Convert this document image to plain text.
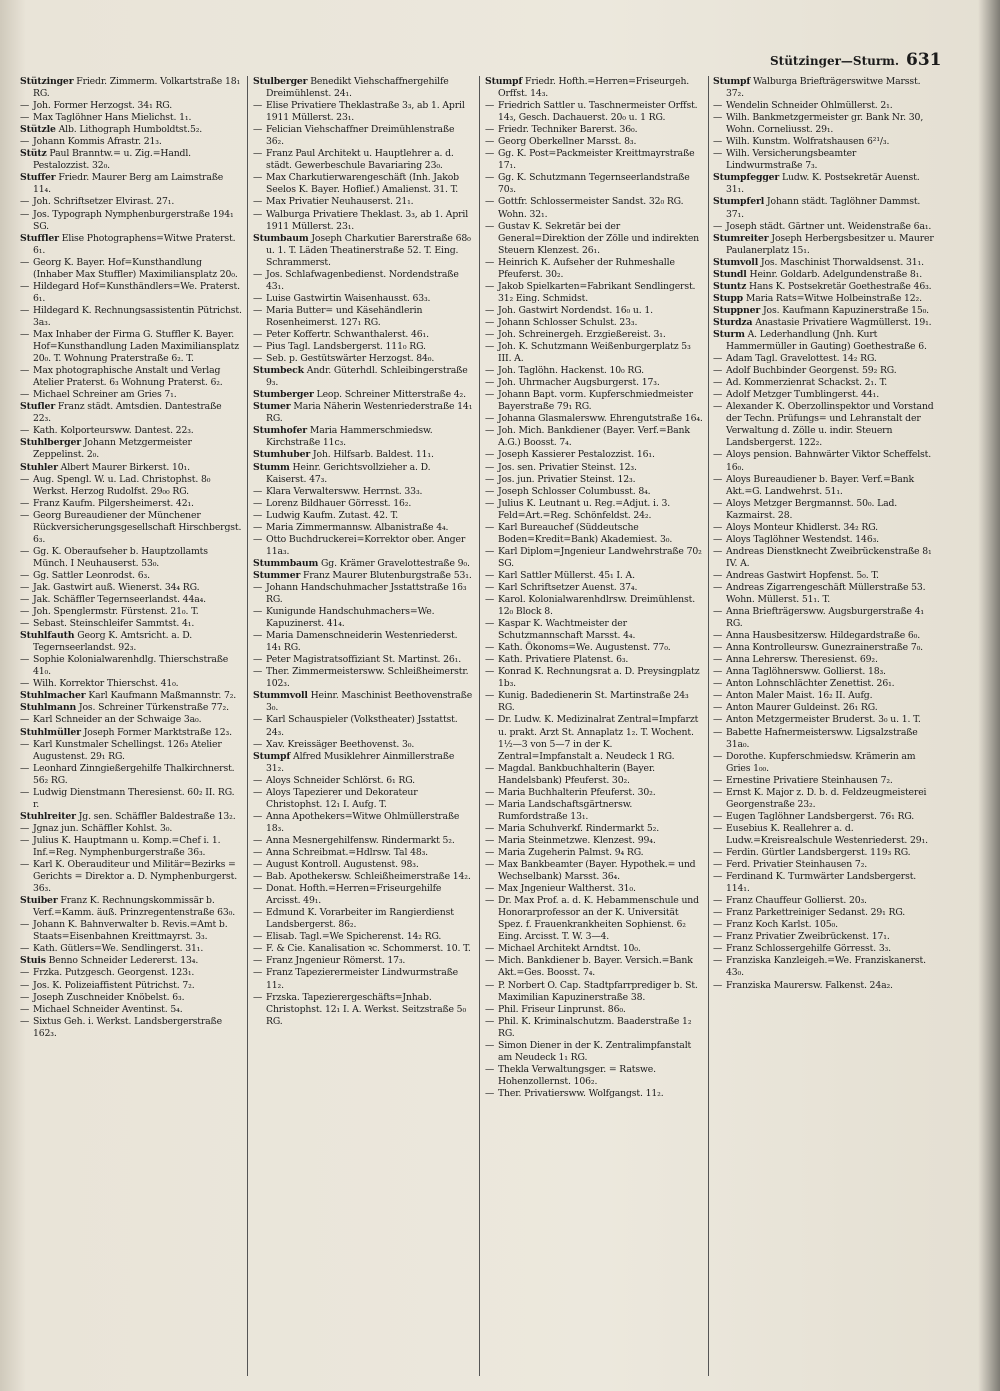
Stützinger—Sturm. 631

Stützinger Friedr. Zimmerm. Volkartstraße 18₁ RG.

— Joh. Former Herzogst. 34₁ RG.

— Max Taglöhner Hans Mielichst. 1₁.

Stützle Alb. Lithograph Humboldtst.5₂.

— Johann Kommis Afrastr. 21₃.

Stütz Paul Branntw.= u. Zig.=Handl. Pestalozzist. 32₀.

Stuffer Friedr. Maurer Berg am Laimstraße 11₄.

— Joh. Schriftsetzer Elvirast. 27₁.

— Jos. Typograph Nymphenburgerstraße 194₁ SG.

Stuffler Elise Photographens=Witwe Praterst. 6₁.

— Georg K. Bayer. Hof=Kunsthandlung (Inhaber Max Stuffler) Maximiliansplatz 20₀.

— Hildegard Hof=Kunsthändlers=We. Praterst. 6₁.

— Hildegard K. Rechnungsassistentin Pütrichst. 3a₃.

— Max Inhaber der Firma G. Stuffler K. Bayer. Hof=Kunsthandlung Laden Maximiliansplatz 20₀. T. Wohnung Praterstraße 6₂. T.

— Max photographische Anstalt und Verlag Atelier Praterst. 6₃ Wohnung Praterst. 6₂.

— Michael Schreiner am Gries 7₁.

Stufler Franz städt. Amtsdien. Dantestraße 22₃.

— Kath. Kolporteursww. Dantest. 22₃.

Stuhlberger Johann Metzgermeister Zeppelinst. 2₀.

Stuhler Albert Maurer Birkerst. 10₁.

— Aug. Spengl. W. u. Lad. Christophst. 8₀ Werkst. Herzog Rudolfst. 29₀₀ RG.

— Franz Kaufm. Pilgersheimerst. 42₁.

— Georg Bureaudiener der Münchener Rückversicherungsgesellschaft Hirschbergst. 6₃.

— Gg. K. Oberaufseher b. Hauptzollamts Münch. I Neuhauserst. 53₀.

— Gg. Sattler Leonrodst. 6₃.

— Jak. Gastwirt auß. Wienerst. 34₄ RG.

— Jak. Schäffler Tegernseerlandst. 44a₄.

— Joh. Spenglermstr. Fürstenst. 21₀. T.

— Sebast. Steinschleifer Sammtst. 4₁.

Stuhlfauth Georg K. Amtsricht. a. D. Tegernseerlandst. 92₃.

— Sophie Kolonialwarenhdlg. Thierschstraße 41₀.

— Wilh. Korrektor Thierschst. 41₀.

Stuhlmacher Karl Kaufmann Maßmannstr. 7₂.

Stuhlmann Jos. Schreiner Türkenstraße 77₂.

— Karl Schneider an der Schwaige 3a₀.

Stuhlmüller Joseph Former Marktstraße 12₃.

— Karl Kunstmaler Schellingst. 126₃ Atelier Augustenst. 29₁ RG.

— Leonhard Zinngießergehilfe Thalkirchnerst. 56₂ RG.

— Ludwig Dienstmann Theresienst. 60₂ II. RG. r.

Stuhlreiter Jg. sen. Schäffler Baldestraße 13₂.

— Jgnaz jun. Schäffler Kohlst. 3₀.

— Julius K. Hauptmann u. Komp.=Chef i. 1. Inf.=Reg. Nymphenburgerstraße 36₃.

— Karl K. Oberauditeur und Militär=Bezirks = Gerichts = Direktor a. D. Nymphenburgerst. 36₃.

Stuiber Franz K. Rechnungskommissär b. Verf.=Kamm. äuß. Prinzregentenstraße 63₀.

— Johann K. Bahnverwalter b. Revis.=Amt b. Staats=Eisenbahnen Kreittmayrst. 3₃.

— Kath. Gütlers=We. Sendlingerst. 31₁.

Stuis Benno Schneider Ledererst. 13₄.

— Frzka. Putzgesch. Georgenst. 123₁.

— Jos. K. Polizeiaffistent Pütrichst. 7₂.

— Joseph Zuschneider Knöbelst. 6₃.

— Michael Schneider Aventinst. 5₄.

— Sixtus Geh. i. Werkst. Landsbergerstraße 162₃.

Stulberger Benedikt Viehschaffnergehilfe Dreimühlenst. 24₁.

— Elise Privatiere Theklastraße 3₃, ab 1. April 1911 Müllerst. 23₁.

— Felician Viehschaffner Dreimühlenstraße 36₂.

— Franz Paul Architekt u. Hauptlehrer a. d. städt. Gewerbeschule Bavariaring 23₀.

— Max Charkutierwarengeschäft (Inh. Jakob Seelos K. Bayer. Hoflief.) Amalienst. 31. T.

— Max Privatier Neuhauserst. 21₁.

— Walburga Privatiere Theklast. 3₃, ab 1. April 1911 Müllerst. 23₁.

Stumbaum Joseph Charkutier Barerstraße 68₀ u. 1. T. Läden Theatinerstraße 52. T. Eing. Schrammerst.

— Jos. Schlafwagenbedienst. Nordendstraße 43₁.

— Luise Gastwirtin Waisenhausst. 63₃.

— Maria Butter= und Käsehändlerin Rosenheimerst. 127₁ RG.

— Peter Koffertr. Schwanthalerst. 46₁.

— Pius Tagl. Landsbergerst. 111₀ RG.

— Seb. p. Gestütswärter Herzogst. 84₀.

Stumbeck Andr. Güterhdl. Schleibingerstraße 9₃.

Stumberger Leop. Schreiner Mitterstraße 4₂.

Stumer Maria Näherin Westenriederstraße 14₁ RG.

Stumhofer Maria Hammerschmiedsw. Kirchstraße 11c₃.

Stumhuber Joh. Hilfsarb. Baldest. 11₁.

Stumm Heinr. Gerichtsvollzieher a. D. Kaiserst. 47₃.

— Klara Verwaltersww. Herrnst. 33₃.

— Lorenz Bildhauer Görresst. 16₂.

— Ludwig Kaufm. Zutast. 42. T.

— Maria Zimmermannsw. Albanistraße 4₄.

— Otto Buchdruckerei=Korrektor ober. Anger 11a₃.

Stummbaum Gg. Krämer Gravelottestraße 9₀.

Stummer Franz Maurer Blutenburgstraße 53₁.

— Johann Handschuhmacher Jsstattstraße 16₃ RG.

— Kunigunde Handschuhmachers=We. Kapuzinerst. 41₄.

— Maria Damenschneiderin Westenriederst. 14₁ RG.

— Peter Magistratsoffiziant St. Martinst. 26₁.

— Ther. Zimmermeistersww. Schleißheimerstr. 102₃.

Stummvoll Heinr. Maschinist Beethovenstraße 3₀.

— Karl Schauspieler (Volkstheater) Jsstattst. 24₃.

— Xav. Kreissäger Beethovenst. 3₀.

Stumpf Alfred Musiklehrer Ainmillerstraße 31₂.

— Aloys Schneider Schlörst. 6₁ RG.

— Aloys Tapezierer und Dekorateur Christophst. 12₁ I. Aufg. T.

— Anna Apothekers=Witwe Ohlmüllerstraße 18₃.

— Anna Mesnergehilfensw. Rindermarkt 5₂.

— Anna Schreibmat.=Hdlrsw. Tal 48₃.

— August Kontroll. Augustenst. 98₃.

— Bab. Apothekersw. Schleißheimerstraße 14₂.

— Donat. Hofth.=Herren=Friseurgehilfe Arcisst. 49₁.

— Edmund K. Vorarbeiter im Rangierdienst Landsbergerst. 86₂.

— Elisab. Tagl.=We Spicherenst. 14₂ RG.

— F. & Cie. Kanalisation ꝛc. Schommerst. 10. T.

— Franz Jngenieur Römerst. 17₃.

— Franz Tapezierermeister Lindwurmstraße 11₂.

— Frzska. Tapezierergeschäfts=Jnhab. Christophst. 12₁ I. A. Werkst. Seitzstraße 5₀ RG.

Stumpf Friedr. Hofth.=Herren=Friseurgeh. Orffst. 14₃.

— Friedrich Sattler u. Taschnermeister Orffst. 14₃, Gesch. Dachauerst. 20₀ u. 1 RG.

— Friedr. Techniker Barerst. 36₀.

— Georg Oberkellner Marsst. 8₃.

— Gg. K. Post=Packmeister Kreittmayrstraße 17₁.

— Gg. K. Schutzmann Tegernseerlandstraße 70₃.

— Gottfr. Schlossermeister Sandst. 32₀ RG. Wohn. 32₁.

— Gustav K. Sekretär bei der General=Direktion der Zölle und indirekten Steuern Klenzest. 26₁.

— Heinrich K. Aufseher der Ruhmeshalle Pfeuferst. 30₂.

— Jakob Spielkarten=Fabrikant Sendlingerst. 31₂ Eing. Schmidst.

— Joh. Gastwirt Nordendst. 16₀ u. 1.

— Johann Schlosser Schulst. 23₃.

— Joh. Schreinergeh. Erzgießereist. 3₁.

— Joh. K. Schutzmann Weißenburgerplatz 5₃ III. A.

— Joh. Taglöhn. Hackenst. 10₀ RG.

— Joh. Uhrmacher Augsburgerst. 17₃.

— Johann Bapt. vorm. Kupferschmiedmeister Bayerstraße 79₁ RG.

— Johanna Glasmalersww. Ehrengutstraße 16₄.

— Joh. Mich. Bankdiener (Bayer. Verf.=Bank A.G.) Boosst. 7₄.

— Joseph Kassierer Pestalozzist. 16₁.

— Jos. sen. Privatier Steinst. 12₃.

— Jos. jun. Privatier Steinst. 12₃.

— Joseph Schlosser Columbusst. 8₄.

— Julius K. Leutnant u. Reg.=Adjut. i. 3. Feld=Art.=Reg. Schönfeldst. 24₂.

— Karl Bureauchef (Süddeutsche Boden=Kredit=Bank) Akademiest. 3₀.

— Karl Diplom=Jngenieur Landwehrstraße 70₂ SG.

— Karl Sattler Müllerst. 45₁ I. A.

— Karl Schriftsetzer Auenst. 37₄.

— Karol. Kolonialwarenhdlrsw. Dreimühlenst. 12₀ Block 8.

— Kaspar K. Wachtmeister der Schutzmannschaft Marsst. 4₄.

— Kath. Ökonoms=We. Augustenst. 77₀.

— Kath. Privatiere Platenst. 6₃.

— Konrad K. Rechnungsrat a. D. Preysingplatz 1b₃.

— Kunig. Badedienerin St. Martinstraße 24₃ RG.

— Dr. Ludw. K. Medizinalrat Zentral=Impfarzt u. prakt. Arzt St. Annaplatz 1₂. T. Wochent. 1½—3 von 5—7 in der K. Zentral=Impfanstalt a. Neudeck 1 RG.

— Magdal. Bankbuchhalterin (Bayer. Handelsbank) Pfeuferst. 30₂.

— Maria Buchhalterin Pfeuferst. 30₂.

— Maria Landschaftsgärtnersw. Rumfordstraße 13₁.

— Maria Schuhverkf. Rindermarkt 5₂.

— Maria Steinmetzwe. Klenzest. 99₄.

— Maria Zugeherin Palmst. 9₄ RG.

— Max Bankbeamter (Bayer. Hypothek.= und Wechselbank) Marsst. 36₄.

— Max Jngenieur Waltherst. 31₀.

— Dr. Max Prof. a. d. K. Hebammenschule und Honorarprofessor an der K. Universität Spez. f. Frauenkrankheiten Sophienst. 6₂ Eing. Arcisst. T. W. 3—4.

— Michael Architekt Arndtst. 10₀.

— Mich. Bankdiener b. Bayer. Versich.=Bank Akt.=Ges. Boosst. 7₄.

— P. Norbert O. Cap. Stadtpfarrprediger b. St. Maximilian Kapuzinerstraße 38.

— Phil. Friseur Linprunst. 86₀.

— Phil. K. Kriminalschutzm. Baaderstraße 1₂ RG.

— Simon Diener in der K. Zentralimpfanstalt am Neudeck 1₁ RG.

— Thekla Verwaltungsger. = Ratswe. Hohenzollernst. 106₂.

— Ther. Privatiersww. Wolfgangst. 11₂.

Stumpf Walburga Briefträgerswitwe Marsst. 37₂.

— Wendelin Schneider Ohlmüllerst. 2₁.

— Wilh. Bankmetzgermeister gr. Bank Nr. 30, Wohn. Corneliusst. 29₁.

— Wilh. Kunstm. Wolfratshausen 6²¹/₃.

— Wilh. Versicherungsbeamter Lindwurmstraße 7₃.

Stumpfegger Ludw. K. Postsekretär Auenst. 31₁.

Stumpferl Johann städt. Taglöhner Dammst. 37₁.

— Joseph städt. Gärtner unt. Weidenstraße 6a₁.

Stumreiter Joseph Herbergsbesitzer u. Maurer Paulanerplatz 15₁.

Stumvoll Jos. Maschinist Thorwaldsenst. 31₁.

Stundl Heinr. Goldarb. Adelgundenstraße 8₁.

Stuntz Hans K. Postsekretär Goethestraße 46₃.

Stupp Maria Rats=Witwe Holbeinstraße 12₂.

Stuppner Jos. Kaufmann Kapuzinerstraße 15₀.

Sturdza Anastasie Privatiere Wagmüllerst. 19₁.

Sturm A. Lederhandlung (Jnh. Kurt Hammermüller in Gauting) Goethestraße 6.

— Adam Tagl. Gravelottest. 14₂ RG.

— Adolf Buchbinder Georgenst. 59₂ RG.

— Ad. Kommerzienrat Schackst. 2₁. T.

— Adolf Metzger Tumblingerst. 44₁.

— Alexander K. Oberzollinspektor und Vorstand der Techn. Prüfungs= und Lehranstalt der Verwaltung d. Zölle u. indir. Steuern Landsbergerst. 122₂.

— Aloys pension. Bahnwärter Viktor Scheffelst. 16₀.

— Aloys Bureaudiener b. Bayer. Verf.=Bank Akt.=G. Landwehrst. 51₁.

— Aloys Metzger Bergmannst. 50₀. Lad. Kazmairst. 28.

— Aloys Monteur Khidlerst. 34₂ RG.

— Aloys Taglöhner Westendst. 146₃.

— Andreas Dienstknecht Zweibrückenstraße 8₁ IV. A.

— Andreas Gastwirt Hopfenst. 5₀. T.

— Andreas Zigarrengeschäft Müllerstraße 53. Wohn. Müllerst. 51₁. T.

— Anna Briefträgersww. Augsburgerstraße 4₁ RG.

— Anna Hausbesitzersw. Hildegardstraße 6₀.

— Anna Kontrolleursw. Gunezrainerstraße 7₀.

— Anna Lehrersw. Theresienst. 69₂.

— Anna Taglöhnersww. Gollierst. 18₃.

— Anton Lohnschlächter Zenettist. 26₁.

— Anton Maler Maist. 16₂ II. Aufg.

— Anton Maurer Guldeinst. 26₁ RG.

— Anton Metzgermeister Bruderst. 3₀ u. 1. T.

— Babette Hafnermeistersww. Ligsalzstraße 31a₀.

— Dorothe. Kupferschmiedsw. Krämerin am Gries 1₀₀.

— Ernestine Privatiere Steinhausen 7₂.

— Ernst K. Major z. D. b. d. Feldzeugmeisterei Georgenstraße 23₂.

— Eugen Taglöhner Landsbergerst. 76₁ RG.

— Eusebius K. Reallehrer a. d. Ludw.=Kreisrealschule Westenriederst. 29₁.

— Ferdin. Gürtler Landsbergerst. 119₃ RG.

— Ferd. Privatier Steinhausen 7₂.

— Ferdinand K. Turmwärter Landsbergerst. 114₁.

— Franz Chauffeur Gollierst. 20₃.

— Franz Parkettreiniger Sedanst. 29₁ RG.

— Franz Koch Karlst. 105₀.

— Franz Privatier Zweibrückenst. 17₁.

— Franz Schlossergehilfe Görresst. 3₃.

— Franziska Kanzleigeh.=We. Franziskanerst. 43₀.

— Franziska Maurersw. Falkenst. 24a₂.
